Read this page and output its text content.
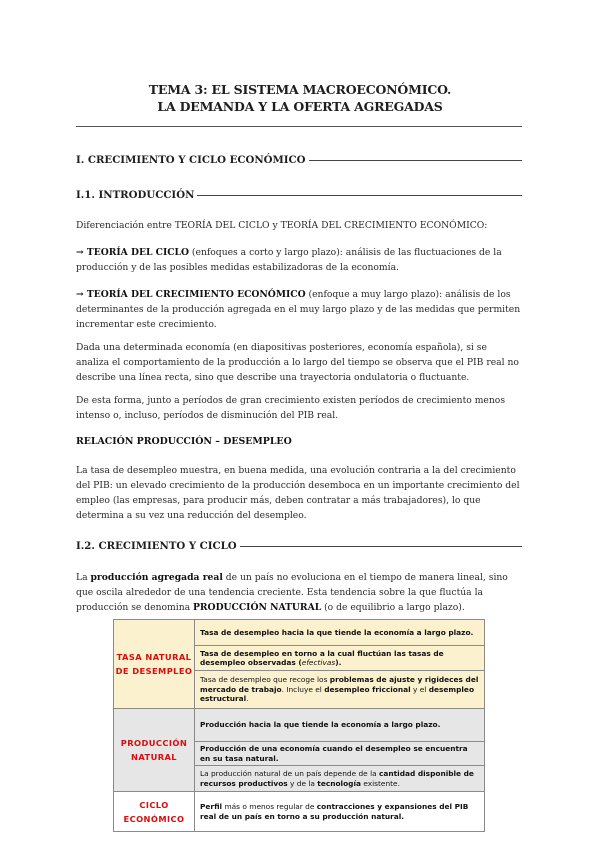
TEMA 3: EL SISTEMA MACROECONÓMICO.
LA DEMANDA Y LA OFERTA AGREGADAS
I. CRECIMIENTO Y CICLO ECONÓMICO
I.1. INTRODUCCIÓN
Diferenciación entre TEORÍA DEL CICLO y TEORÍA DEL CRECIMIENTO ECONÓMICO:
→ TEORÍA DEL CICLO (enfoques a corto y largo plazo): análisis de las fluctuaciones de la producción y de las posibles medidas estabilizadoras de la economía.
→ TEORÍA DEL CRECIMIENTO ECONÓMICO (enfoque a muy largo plazo): análisis de los determinantes de la producción agregada en el muy largo plazo y de las medidas que permiten incrementar este crecimiento.
Dada una determinada economía (en diapositivas posteriores, economía española), si se analiza el comportamiento de la producción a lo largo del tiempo se observa que el PIB real no describe una línea recta, sino que describe una trayectoria ondulatoria o fluctuante.
De esta forma, junto a períodos de gran crecimiento existen períodos de crecimiento menos intenso o, incluso, períodos de disminución del PIB real.
RELACIÓN PRODUCCIÓN – DESEMPLEO
La tasa de desempleo muestra, en buena medida, una evolución contraria a la del crecimiento del PIB: un elevado crecimiento de la producción desemboca en un importante crecimiento del empleo (las empresas, para producir más, deben contratar a más trabajadores), lo que determina a su vez una reducción del desempleo.
I.2. CRECIMIENTO Y CICLO
La producción agregada real de un país no evoluciona en el tiempo de manera lineal, sino que oscila alrededor de una tendencia creciente. Esta tendencia sobre la que fluctúa la producción se denomina PRODUCCIÓN NATURAL (o de equilibrio a largo plazo).
TASA NATURAL DE DESEMPLEO	Tasa de desempleo hacia la que tiende la economía a largo plazo.
	Tasa de desempleo en torno a la cual fluctúan las tasas de desempleo observadas (efectivas).
	Tasa de desempleo que recoge los problemas de ajuste y rigideces del mercado de trabajo. Incluye el desempleo friccional y el desempleo estructural.
PRODUCCIÓN NATURAL	Producción hacia la que tiende la economía a largo plazo.
	Producción de una economía cuando el desempleo se encuentra en su tasa natural.
	La producción natural de un país depende de la cantidad disponible de recursos productivos y de la tecnología existente.
CICLO ECONÓMICO	Perfil más o menos regular de contracciones y expansiones del PIB real de un país en torno a su producción natural.
